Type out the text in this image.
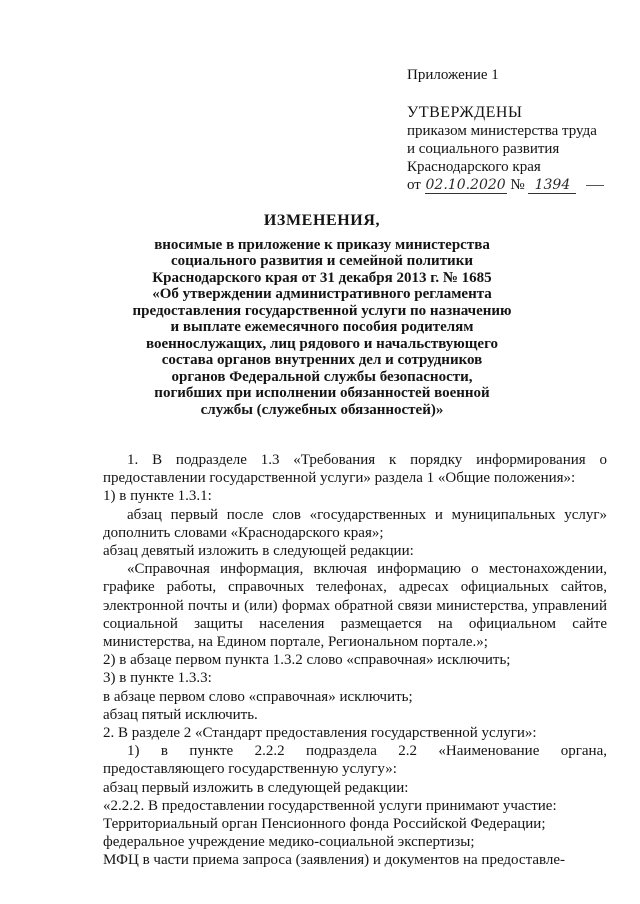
Приложение 1
УТВЕРЖДЕНЫ
приказом министерства труда
и социального развития
Краснодарского края
от 02.10.2020 № 1394
ИЗМЕНЕНИЯ,
вносимые в приложение к приказу министерства
социального развития и семейной политики
Краснодарского края от 31 декабря 2013 г. № 1685
«Об утверждении административного регламента
предоставления государственной услуги по назначению
и выплате ежемесячного пособия родителям
военнослужащих, лиц рядового и начальствующего
состава органов внутренних дел и сотрудников
органов Федеральной службы безопасности,
погибших при исполнении обязанностей военной
службы (служебных обязанностей)»

1. В подразделе 1.3 «Требования к порядку информирования о предоставлении государственной услуги» раздела 1 «Общие положения»:

1) в пункте 1.3.1:

абзац первый после слов «государственных и муниципальных услуг» дополнить словами «Краснодарского края»;

абзац девятый изложить в следующей редакции:

«Справочная информация, включая информацию о местонахождении, графике работы, справочных телефонах, адресах официальных сайтов, электронной почты и (или) формах обратной связи министерства, управлений социальной защиты населения размещается на официальном сайте министерства, на Едином портале, Региональном портале.»;

2) в абзаце первом пункта 1.3.2 слово «справочная» исключить;

3) в пункте 1.3.3:

в абзаце первом слово «справочная» исключить;

абзац пятый исключить.

2. В разделе 2 «Стандарт предоставления государственной услуги»:

1) в пункте 2.2.2 подраздела 2.2 «Наименование органа, предоставляющего государственную услугу»:

абзац первый изложить в следующей редакции:

«2.2.2. В предоставлении государственной услуги принимают участие:

Территориальный орган Пенсионного фонда Российской Федерации;

федеральное учреждение медико-социальной экспертизы;

МФЦ в части приема запроса (заявления) и документов на предоставле-
